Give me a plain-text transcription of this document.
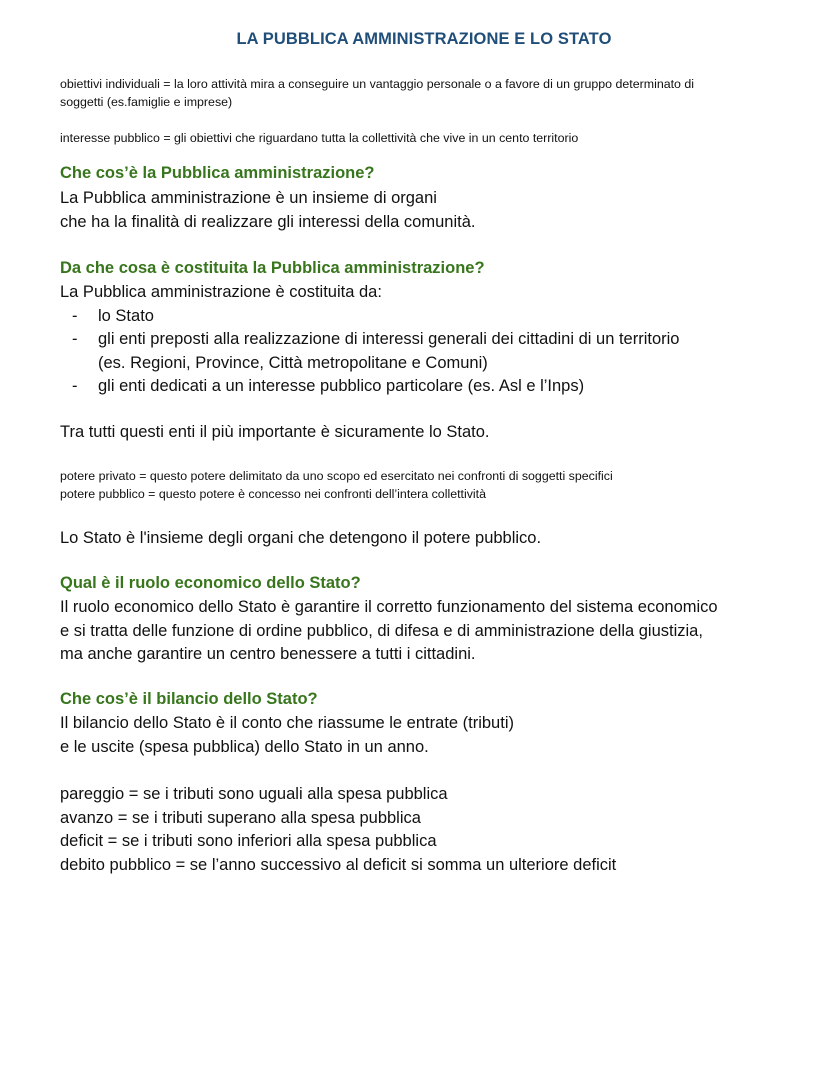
LA PUBBLICA AMMINISTRAZIONE E LO STATO

obiettivi individuali = la loro attività mira a conseguire un vantaggio personale o a favore di un gruppo determinato di

soggetti (es.famiglie e imprese)

interesse pubblico = gli obiettivi che riguardano tutta la collettività che vive in un cento territorio

Che cos’è la Pubblica amministrazione?

La Pubblica amministrazione è un insieme di organi

che ha la finalità di realizzare gli interessi della comunità.

Da che cosa è costituita la Pubblica amministrazione?

La Pubblica amministrazione è costituita da:

- lo Stato
- gli enti preposti alla realizzazione di interessi generali dei cittadini di un territorio
(es. Regioni, Province, Città metropolitane e Comuni)
- gli enti dedicati a un interesse pubblico particolare (es. Asl e l’Inps)
Tra tutti questi enti il più importante è sicuramente lo Stato.

potere privato = questo potere delimitato da uno scopo ed esercitato nei confronti di soggetti specifici

potere pubblico = questo potere è concesso nei confronti dell’intera collettività

Lo Stato è l'insieme degli organi che detengono il potere pubblico.
Qual è il ruolo economico dello Stato?

Il ruolo economico dello Stato è garantire il corretto funzionamento del sistema economico

e si tratta delle funzione di ordine pubblico, di difesa e di amministrazione della giustizia,

ma anche garantire un centro benessere a tutti i cittadini.

Che cos’è il bilancio dello Stato?

Il bilancio dello Stato è il conto che riassume le entrate (tributi)

e le uscite (spesa pubblica) dello Stato in un anno.

pareggio = se i tributi sono uguali alla spesa pubblica

avanzo = se i tributi superano alla spesa pubblica

deficit = se i tributi sono inferiori alla spesa pubblica

debito pubblico = se l’anno successivo al deficit si somma un ulteriore deficit
